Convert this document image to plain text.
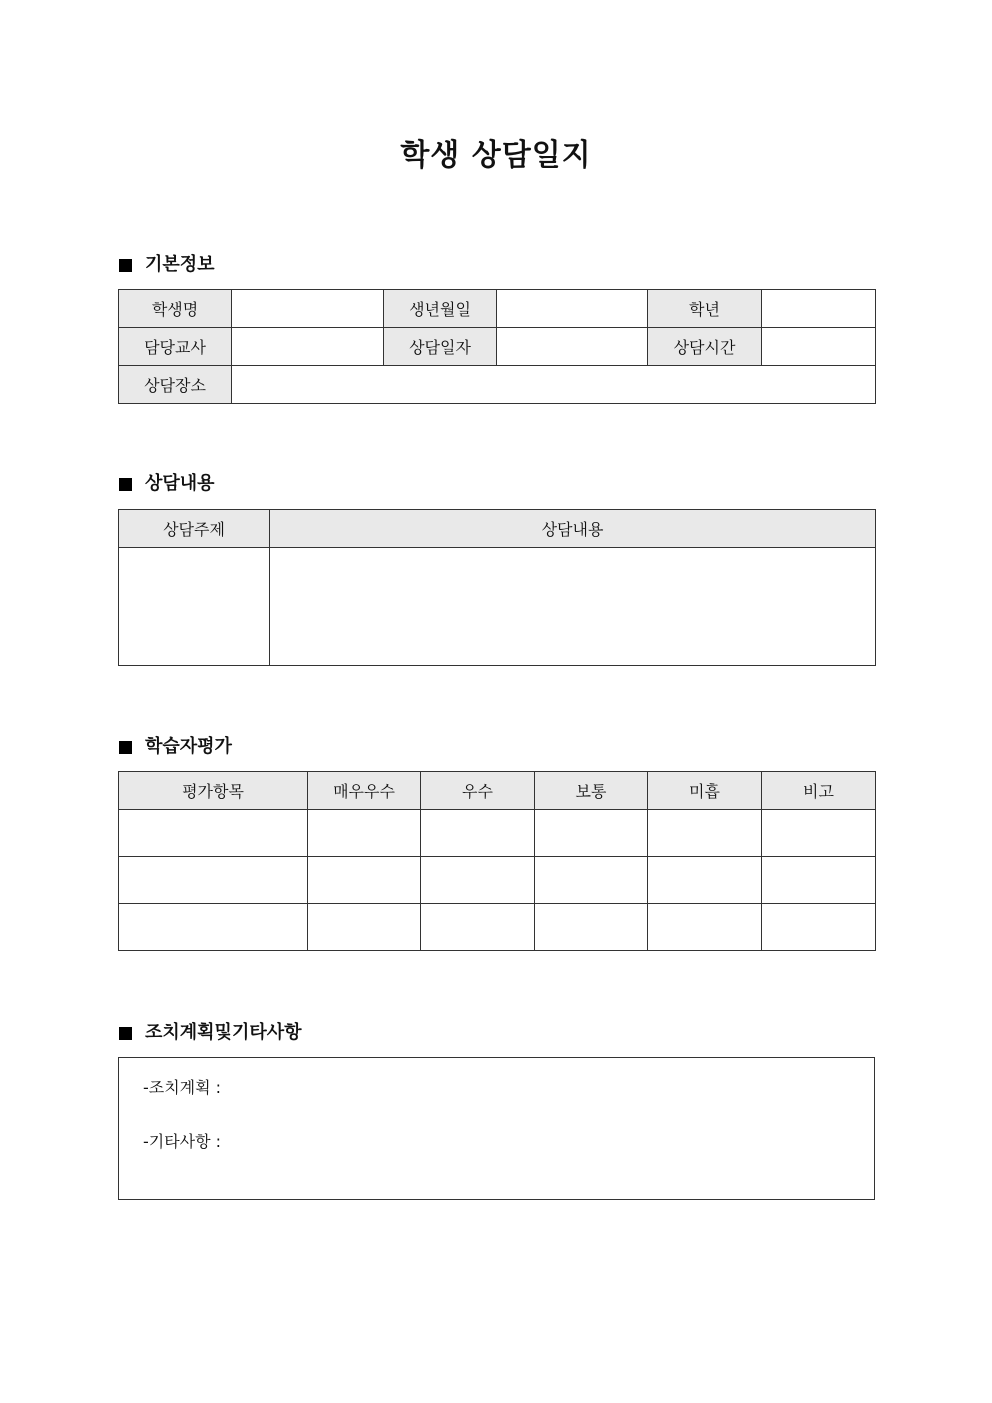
학생 상담일지
기본정보
학생명		생년월일		학년	
담당교사		상담일자		상담시간	
상담장소					
상담내용
상담주제	상담내용

학습자평가
평가항목	매우우수	우수	보통	미흡	비고

조치계획및기타사항
-조치계획 :
-기타사항 :
